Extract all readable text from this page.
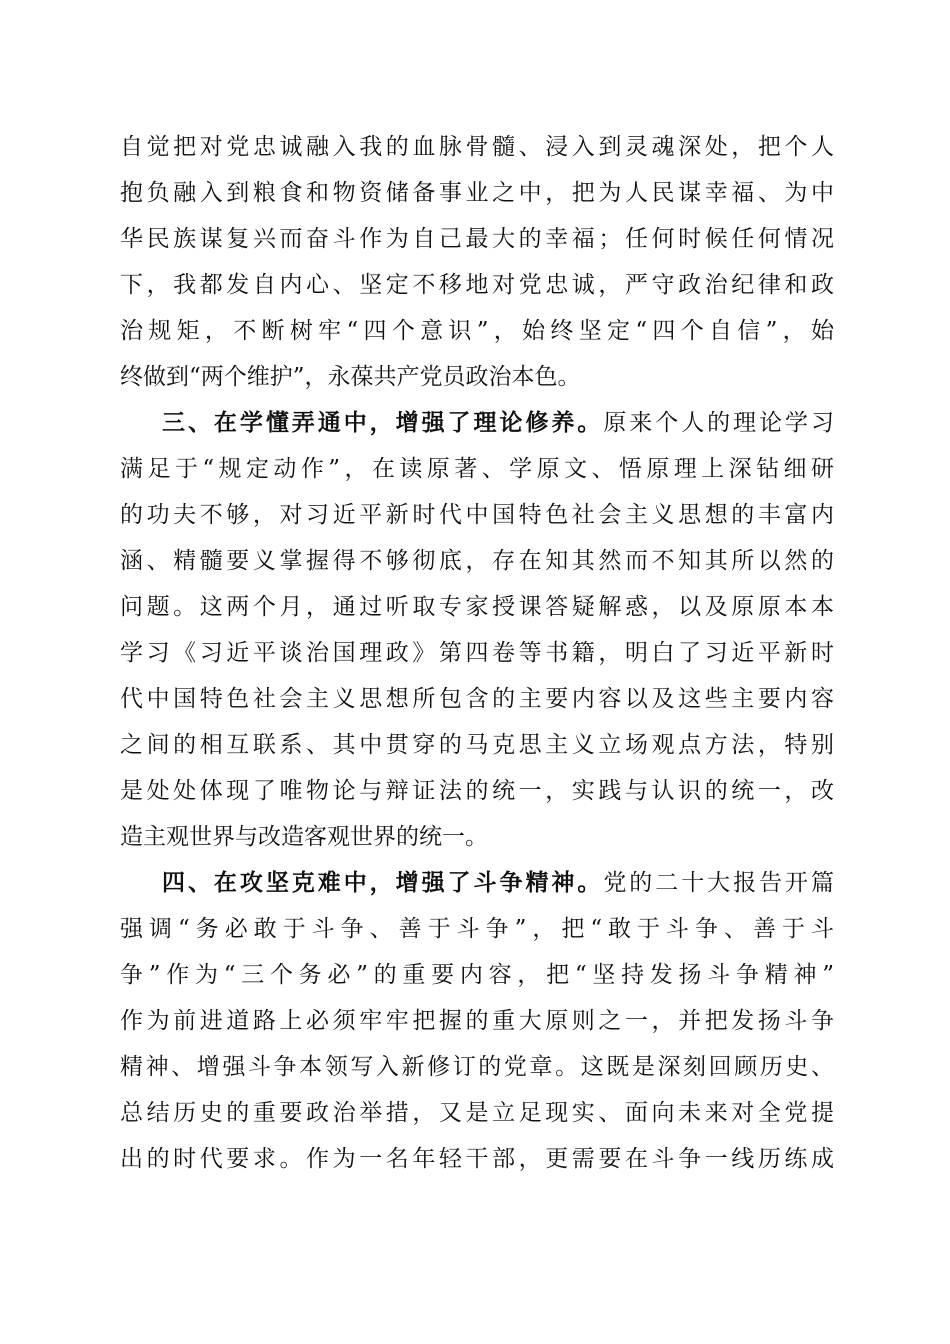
自觉把对党忠诚融入我的血脉骨髓、浸入到灵魂深处，把个人
抱负融入到粮食和物资储备事业之中，把为人民谋幸福、为中
华民族谋复兴而奋斗作为自己最大的幸福；任何时候任何情况
下，我都发自内心、坚定不移地对党忠诚，严守政治纪律和政
治规矩，不断树牢“四个意识”，始终坚定“四个自信”，始
终做到“两个维护”，永葆共产党员政治本色。
三、在学懂弄通中，增强了理论修养。原来个人的理论学习
满足于“规定动作”，在读原著、学原文、悟原理上深钻细研
的功夫不够，对习近平新时代中国特色社会主义思想的丰富内
涵、精髓要义掌握得不够彻底，存在知其然而不知其所以然的
问题。这两个月，通过听取专家授课答疑解惑，以及原原本本
学习《习近平谈治国理政》第四卷等书籍，明白了习近平新时
代中国特色社会主义思想所包含的主要内容以及这些主要内容
之间的相互联系、其中贯穿的马克思主义立场观点方法，特别
是处处体现了唯物论与辩证法的统一，实践与认识的统一，改
造主观世界与改造客观世界的统一。
四、在攻坚克难中，增强了斗争精神。党的二十大报告开篇
强调“务必敢于斗争、善于斗争”，把“敢于斗争、善于斗
争”作为“三个务必”的重要内容，把“坚持发扬斗争精神”
作为前进道路上必须牢牢把握的重大原则之一，并把发扬斗争
精神、增强斗争本领写入新修订的党章。这既是深刻回顾历史、
总结历史的重要政治举措，又是立足现实、面向未来对全党提
出的时代要求。作为一名年轻干部，更需要在斗争一线历练成
